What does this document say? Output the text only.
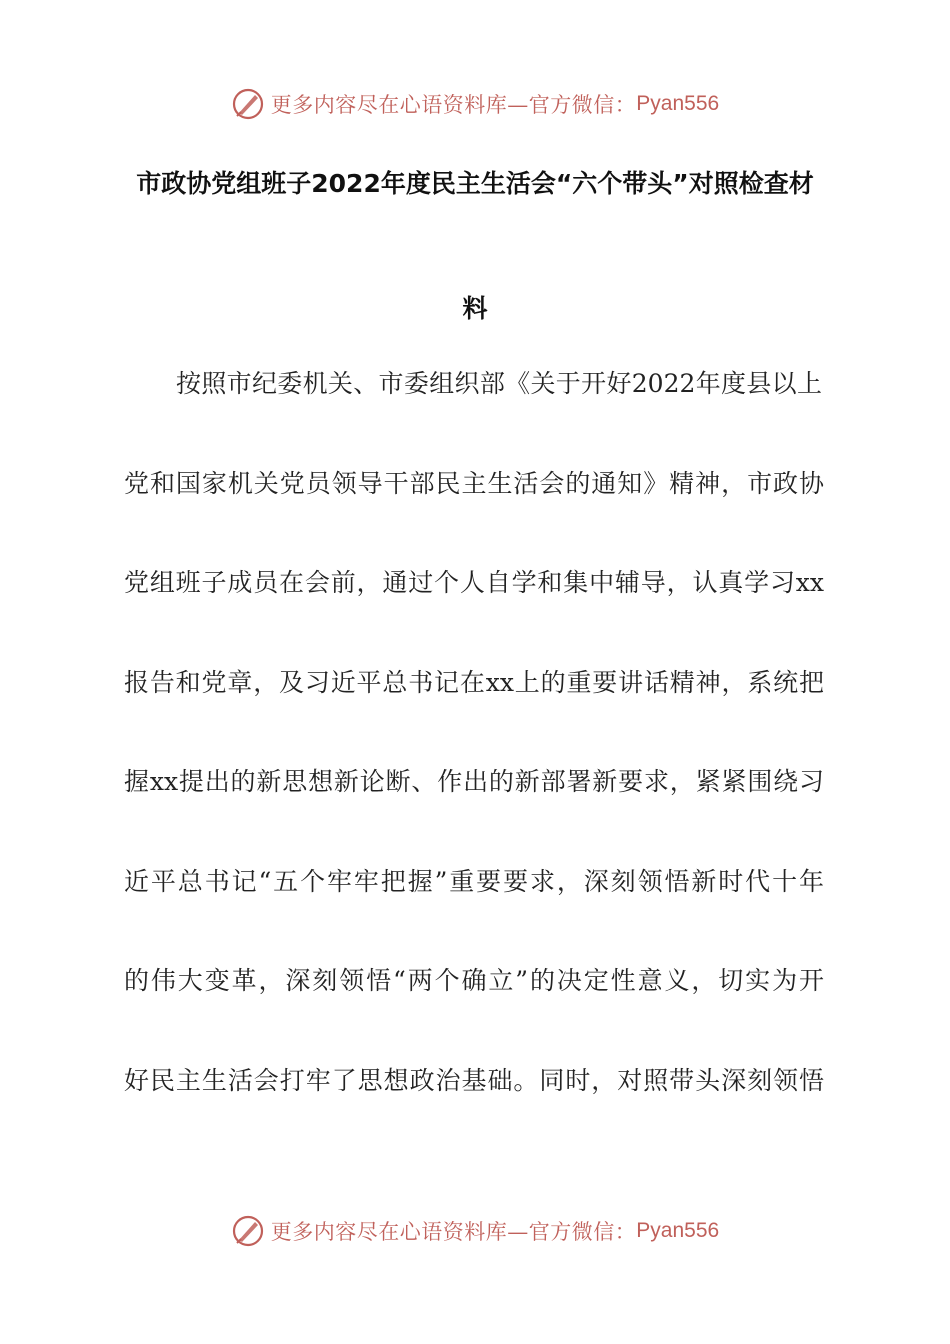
更多内容尽在心语资料库—官方微信： Pyan556
市政协党组班子2022年度民主生活会“六个带头”对照检查材
料
按照市纪委机关、市委组织部《关于开好2022年度县以上
党和国家机关党员领导干部民主生活会的通知》精神，市政协
党组班子成员在会前，通过个人自学和集中辅导，认真学习xx
报告和党章，及习近平总书记在xx上的重要讲话精神，系统把
握xx提出的新思想新论断、作出的新部署新要求，紧紧围绕习
近平总书记“五个牢牢把握”重要要求，深刻领悟新时代十年
的伟大变革，深刻领悟“两个确立”的决定性意义，切实为开
好民主生活会打牢了思想政治基础。同时，对照带头深刻领悟
更多内容尽在心语资料库—官方微信： Pyan556
